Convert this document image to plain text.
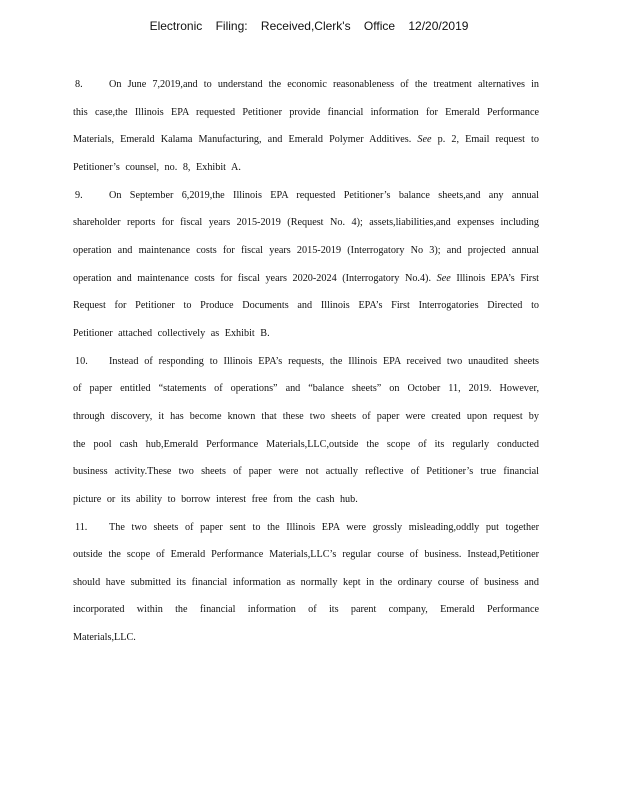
Electronic Filing: Received,Clerk's Office 12/20/2019

8.	On June 7,2019,and to understand the economic reasonableness of the treatment alternatives in this case,the Illinois EPA requested Petitioner provide financial information for Emerald Performance Materials, Emerald Kalama Manufacturing, and Emerald Polymer Additives. See p. 2, Email request to Petitioner’s counsel, no. 8, Exhibit A.

9.	On September 6,2019,the Illinois EPA requested Petitioner’s balance sheets,and any annual shareholder reports for fiscal years 2015-2019 (Request No. 4); assets,liabilities,and expenses including operation and maintenance costs for fiscal years 2015-2019 (Interrogatory No 3); and projected annual operation and maintenance costs for fiscal years 2020-2024 (Interrogatory No.4). See Illinois EPA’s First Request for Petitioner to Produce Documents and Illinois EPA’s First Interrogatories Directed to Petitioner attached collectively as Exhibit B.

10. Instead of responding to Illinois EPA’s requests, the Illinois EPA received two unaudited sheets of paper entitled “statements of operations” and “balance sheets” on October 11, 2019. However, through discovery, it has become known that these two sheets of paper were created upon request by the pool cash hub,Emerald Performance Materials,LLC,outside the scope of its regularly conducted business activity.These two sheets of paper were not actually reflective of Petitioner’s true financial picture or its ability to borrow interest free from the cash hub.

11. The two sheets of paper sent to the Illinois EPA were grossly misleading,oddly put together outside the scope of Emerald Performance Materials,LLC’s regular course of business. Instead,Petitioner should have submitted its financial information as normally kept in the ordinary course of business and incorporated within the financial information of its parent company, Emerald Performance Materials,LLC.
